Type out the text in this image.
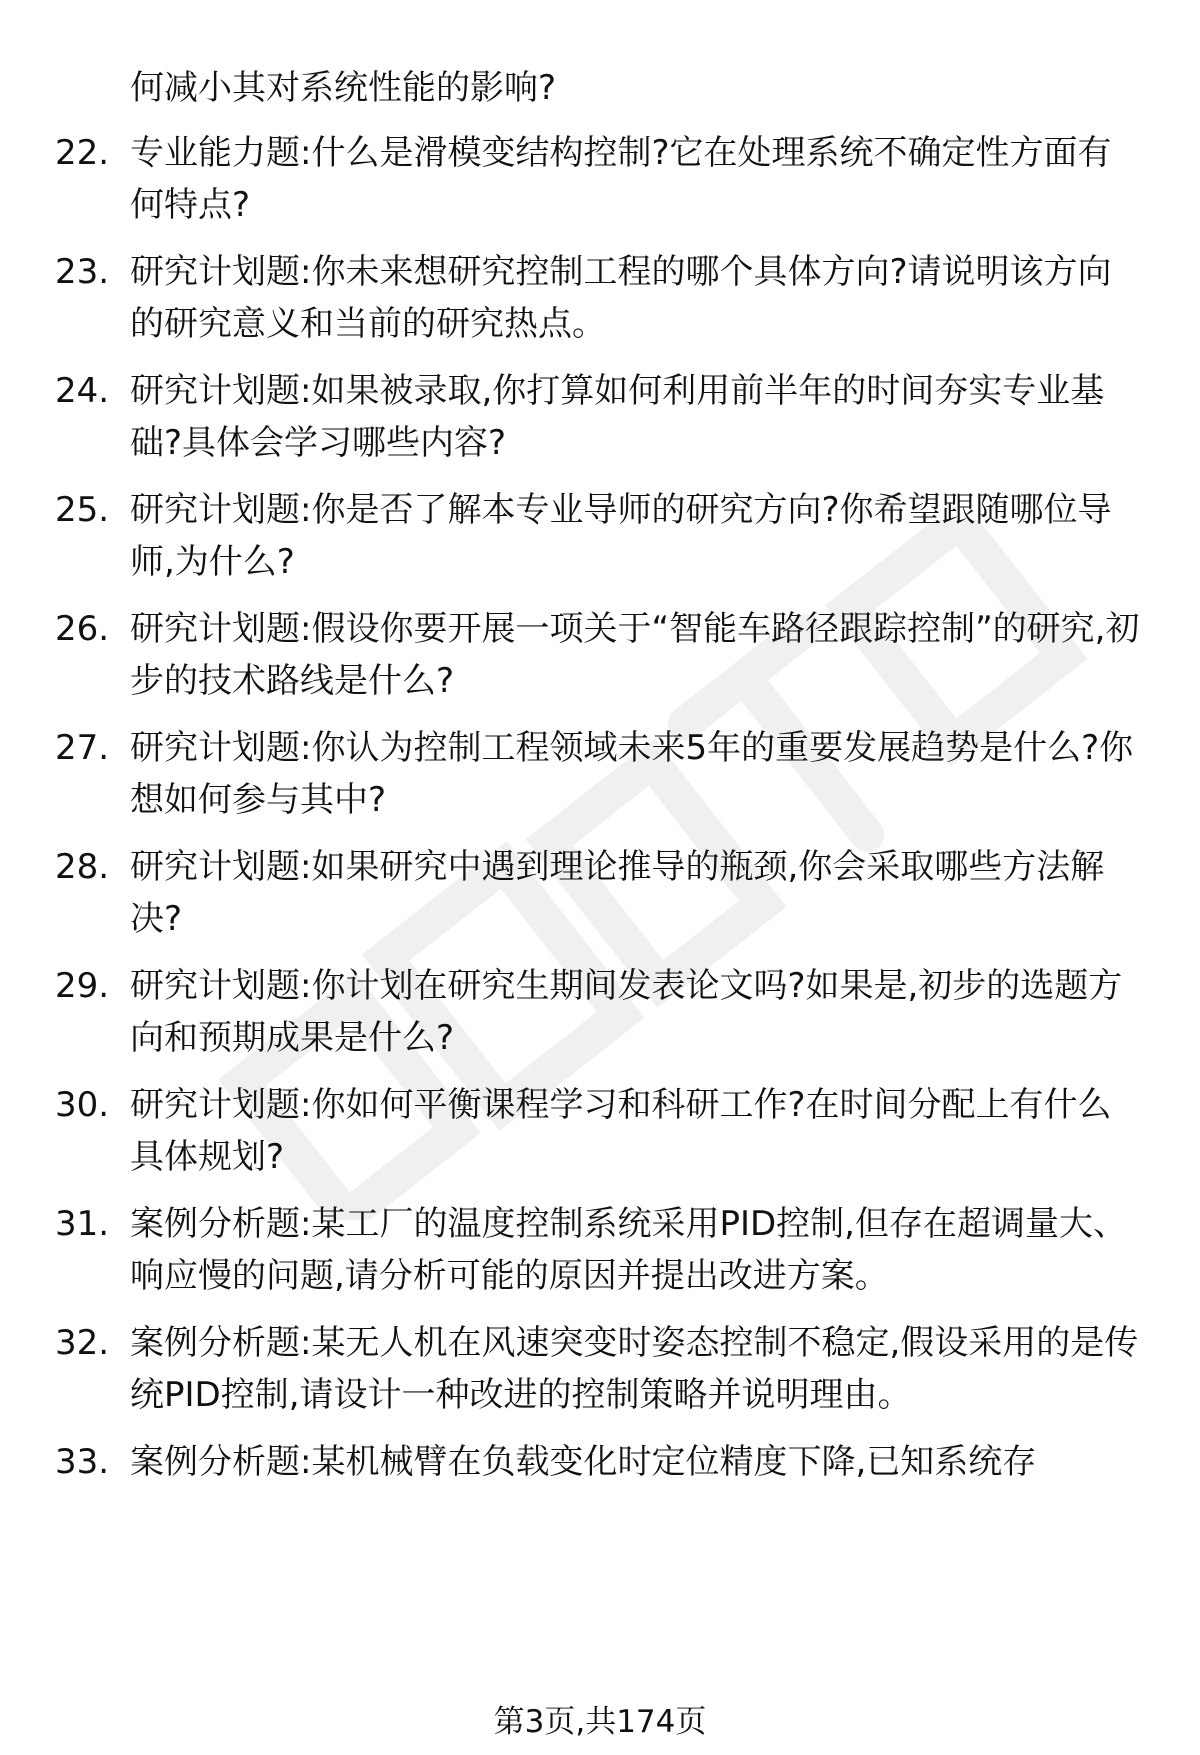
何减小其对系统性能的影响?
22. 专业能力题:什么是滑模变结构控制?它在处理系统不确定性方面有何特点?
23. 研究计划题:你未来想研究控制工程的哪个具体方向?请说明该方向的研究意义和当前的研究热点。
24. 研究计划题:如果被录取,你打算如何利用前半年的时间夯实专业基础?具体会学习哪些内容?
25. 研究计划题:你是否了解本专业导师的研究方向?你希望跟随哪位导师,为什么?
26. 研究计划题:假设你要开展一项关于“智能车路径跟踪控制”的研究,初步的技术路线是什么?
27. 研究计划题:你认为控制工程领域未来5年的重要发展趋势是什么?你想如何参与其中?
28. 研究计划题:如果研究中遇到理论推导的瓶颈,你会采取哪些方法解决?
29. 研究计划题:你计划在研究生期间发表论文吗?如果是,初步的选题方向和预期成果是什么?
30. 研究计划题:你如何平衡课程学习和科研工作?在时间分配上有什么具体规划?
31. 案例分析题:某工厂的温度控制系统采用PID控制,但存在超调量大、响应慢的问题,请分析可能的原因并提出改进方案。
32. 案例分析题:某无人机在风速突变时姿态控制不稳定,假设采用的是传统PID控制,请设计一种改进的控制策略并说明理由。
33. 案例分析题:某机械臂在负载变化时定位精度下降,已知系统存
第3页,共174页
